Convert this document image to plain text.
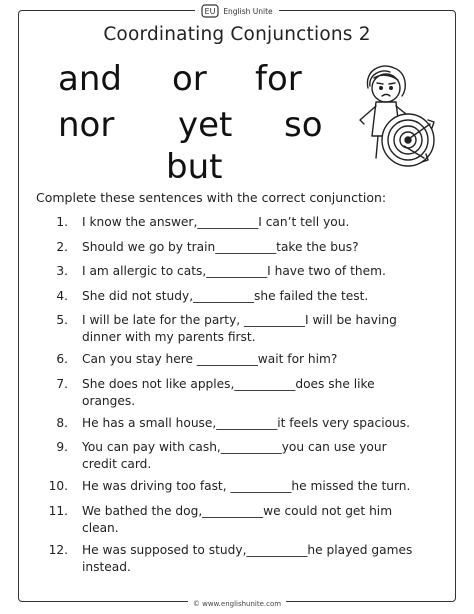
EU English Unite
Coordinating Conjunctions 2
and or for
nor yet so
but
Complete these sentences with the correct conjunction:
1. I know the answer,__________I can’t tell you.
2. Should we go by train__________take the bus?
3. I am allergic to cats,__________I have two of them.
4. She did not study,__________she failed the test.
5. I will be late for the party, __________I will be having
dinner with my parents first.
6. Can you stay here __________wait for him?
7. She does not like apples,__________does she like
oranges.
8. He has a small house,__________it feels very spacious.
9. You can pay with cash,__________you can use your
credit card.
10. He was driving too fast, __________he missed the turn.
11. We bathed the dog,__________we could not get him
clean.
12. He was supposed to study,__________he played games
instead.
© www.englishunite.com
